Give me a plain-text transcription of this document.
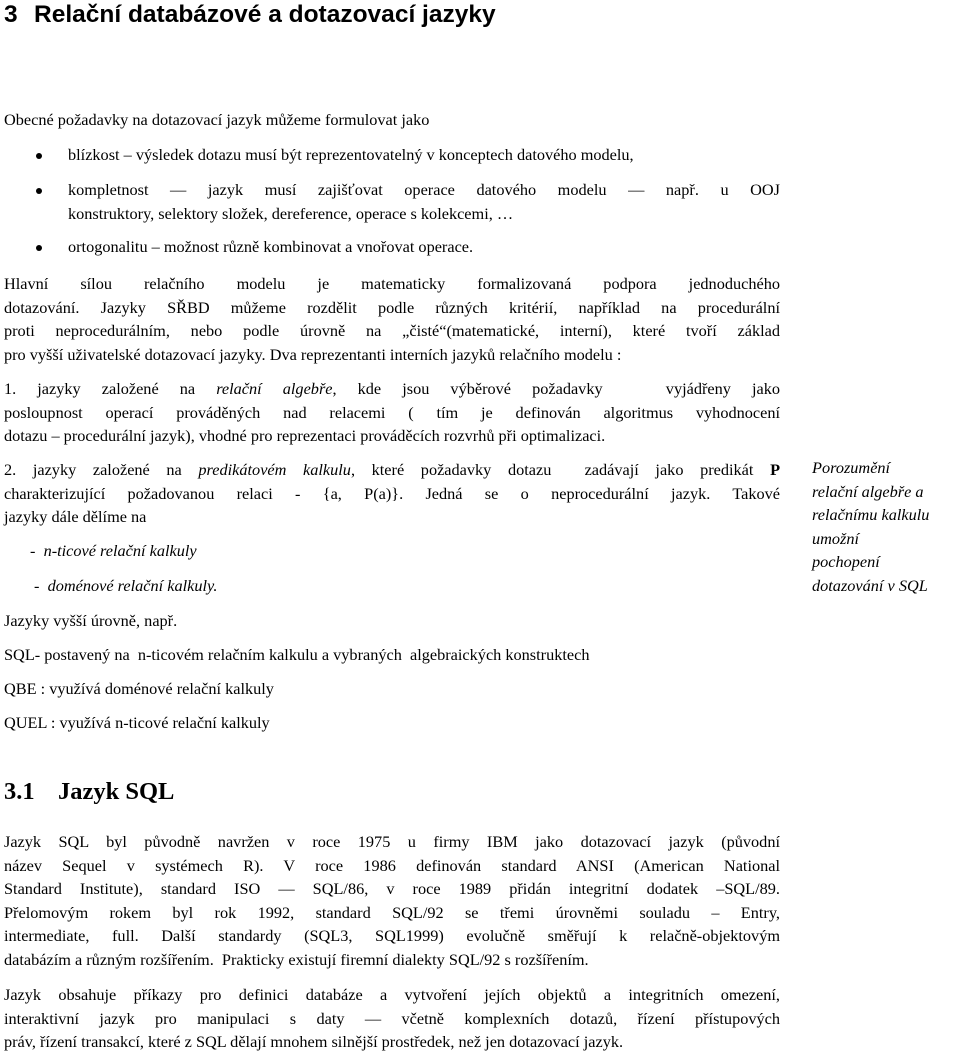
3 Relační databázové a dotazovací jazyky
Obecné požadavky na dotazovací jazyk můžeme formulovat jako
blízkost – výsledek dotazu musí být reprezentovatelný v konceptech datového modelu,
kompletnost — jazyk musí zajišťovat operace datového modelu — např. u OOJ
konstruktory, selektory složek, dereference, operace s kolekcemi, …
ortogonalitu – možnost různě kombinovat a vnořovat operace.
Hlavní sílou relačního modelu je matematicky formalizovaná podpora jednoduchého
dotazování. Jazyky SŘBD můžeme rozdělit podle různých kritérií, například na procedurální
proti neprocedurálním, nebo podle úrovně na „čisté“(matematické, interní), které tvoří základ
pro vyšší uživatelské dotazovací jazyky. Dva reprezentanti interních jazyků relačního modelu :
1. jazyky založené na relační algebře, kde jsou výběrové požadavky   vyjádřeny jako
posloupnost operací prováděných nad relacemi ( tím je definován algoritmus vyhodnocení
dotazu – procedurální jazyk), vhodné pro reprezentaci prováděcích rozvrhů při optimalizaci.
2. jazyky založené na predikátovém kalkulu, které požadavky dotazu  zadávají jako predikát P
charakterizující požadovanou relaci - {a, P(a)}. Jedná se o neprocedurální jazyk. Takové
jazyky dále dělíme na
- n-ticové relační kalkuly
- doménové relační kalkuly.
Jazyky vyšší úrovně, např.
SQL- postavený na  n-ticovém relačním kalkulu a vybraných  algebraických konstruktech
QBE : využívá doménové relační kalkuly
QUEL : využívá n-ticové relační kalkuly
Porozumění
relační algebře a
relačnímu kalkulu
umožní
pochopení
dotazování v SQL
3.1 Jazyk SQL
Jazyk SQL byl původně navržen v roce 1975 u firmy IBM jako dotazovací jazyk (původní
název Sequel v systémech R). V roce 1986 definován standard ANSI (American National
Standard Institute), standard ISO — SQL/86, v roce 1989 přidán integritní dodatek –SQL/89.
Přelomovým rokem byl rok 1992, standard SQL/92 se třemi úrovněmi souladu – Entry,
intermediate, full. Další standardy (SQL3, SQL1999) evolučně směřují k relačně-objektovým
databázím a různým rozšířením.  Prakticky existují firemní dialekty SQL/92 s rozšířením.
Jazyk obsahuje příkazy pro definici databáze a vytvoření jejích objektů a integritních omezení,
interaktivní jazyk pro manipulaci s daty — včetně komplexních dotazů, řízení přístupových
práv, řízení transakcí, které z SQL dělají mnohem silnější prostředek, než jen dotazovací jazyk.
